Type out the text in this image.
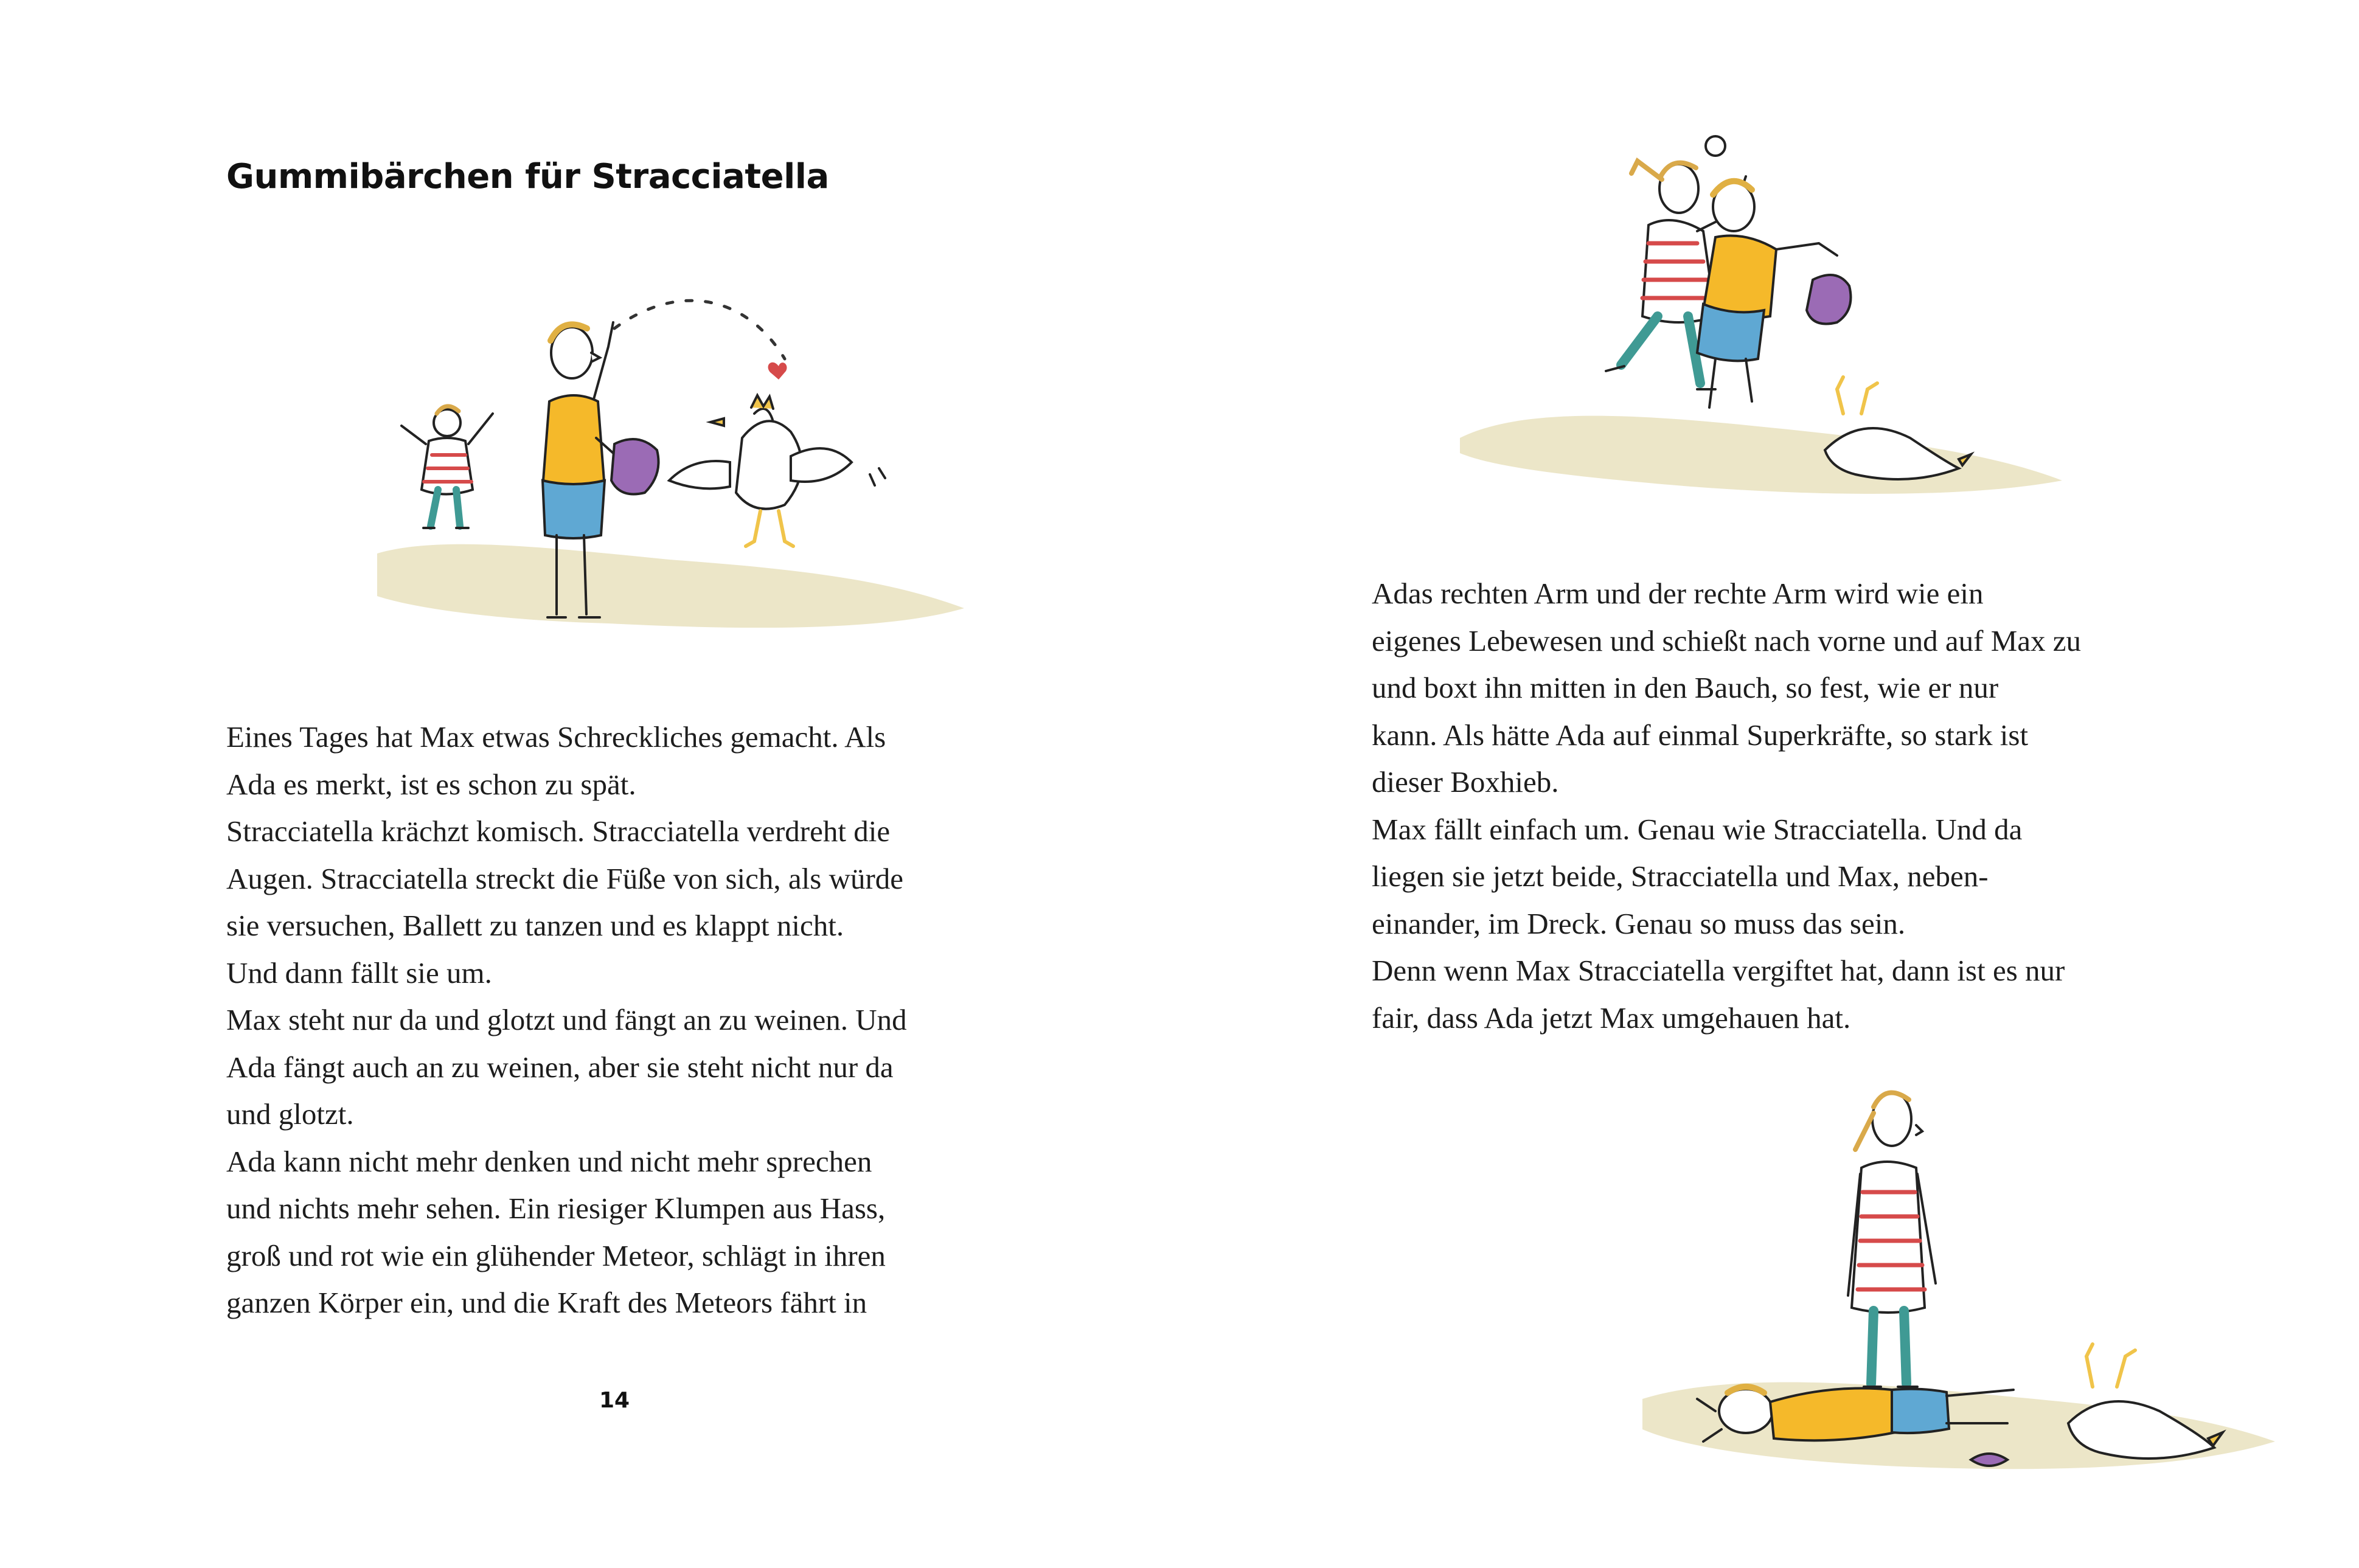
Gummibärchen für Stracciatella
Eines Tages hat Max etwas Schreckliches gemacht. Als
Ada es merkt, ist es schon zu spät.
Stracciatella krächzt komisch. Stracciatella verdreht die
Augen. Stracciatella streckt die Füße von sich, als würde
sie versuchen, Ballett zu tanzen und es klappt nicht.
Und dann fällt sie um.
Max steht nur da und glotzt und fängt an zu weinen. Und
Ada fängt auch an zu weinen, aber sie steht nicht nur da
und glotzt.
Ada kann nicht mehr denken und nicht mehr sprechen
und nichts mehr sehen. Ein riesiger Klumpen aus Hass,
groß und rot wie ein glühender Meteor, schlägt in ihren
ganzen Körper ein, und die Kraft des Meteors fährt in
14
Adas rechten Arm und der rechte Arm wird wie ein
eigenes Lebewesen und schießt nach vorne und auf Max zu
und boxt ihn mitten in den Bauch, so fest, wie er nur
kann. Als hätte Ada auf einmal Superkräfte, so stark ist
dieser Boxhieb.
Max fällt einfach um. Genau wie Stracciatella. Und da
liegen sie jetzt beide, Stracciatella und Max, neben-
einander, im Dreck. Genau so muss das sein.
Denn wenn Max Stracciatella vergiftet hat, dann ist es nur
fair, dass Ada jetzt Max umgehauen hat.
